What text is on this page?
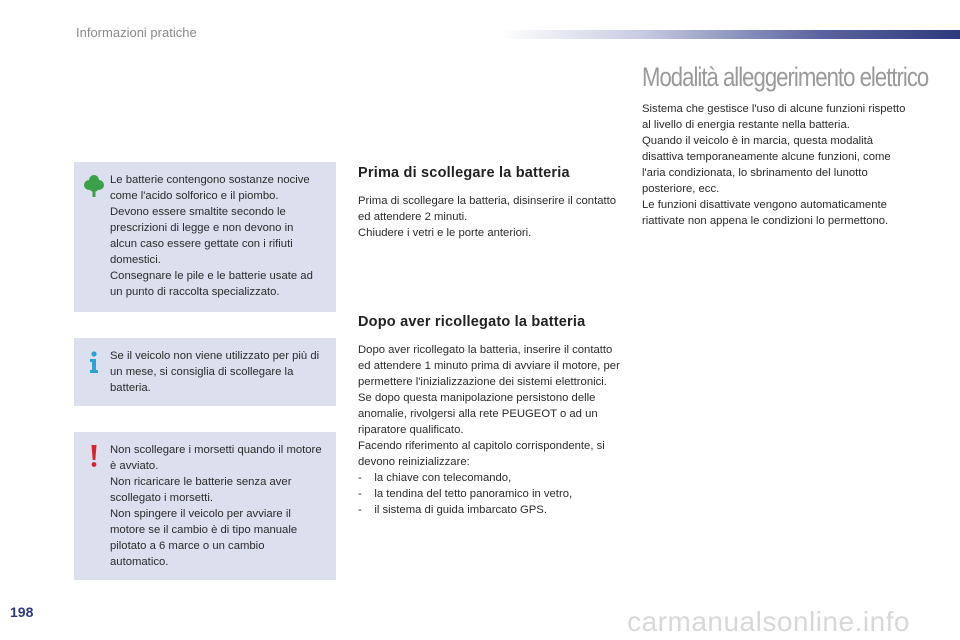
Informazioni pratiche
Le batterie contengono sostanze nocive come l'acido solforico e il piombo.
Devono essere smaltite secondo le prescrizioni di legge e non devono in alcun caso essere gettate con i rifiuti domestici.
Consegnare le pile e le batterie usate ad un punto di raccolta specializzato.
Se il veicolo non viene utilizzato per più di un mese, si consiglia di scollegare la batteria.
Non scollegare i morsetti quando il motore è avviato.
Non ricaricare le batterie senza aver scollegato i morsetti.
Non spingere il veicolo per avviare il motore se il cambio è di tipo manuale pilotato a 6 marce o un cambio automatico.
Prima di scollegare la batteria
Prima di scollegare la batteria, disinserire il contatto ed attendere 2 minuti.
Chiudere i vetri e le porte anteriori.
Dopo aver ricollegato la batteria
Dopo aver ricollegato la batteria, inserire il contatto ed attendere 1 minuto prima di avviare il motore, per permettere l'inizializzazione dei sistemi elettronici. Se dopo questa manipolazione persistono delle anomalie, rivolgersi alla rete PEUGEOT o ad un riparatore qualificato.
Facendo riferimento al capitolo corrispondente, si devono reinizializzare:
-    la chiave con telecomando,
-    la tendina del tetto panoramico in vetro,
-    il sistema di guida imbarcato GPS.
Modalità alleggerimento elettrico
Sistema che gestisce l'uso di alcune funzioni rispetto al livello di energia restante nella batteria.
Quando il veicolo è in marcia, questa modalità disattiva temporaneamente alcune funzioni, come l'aria condizionata, lo sbrinamento del lunotto posteriore, ecc.
Le funzioni disattivate vengono automaticamente riattivate non appena le condizioni lo permettono.
198	carmanualsonline.info
